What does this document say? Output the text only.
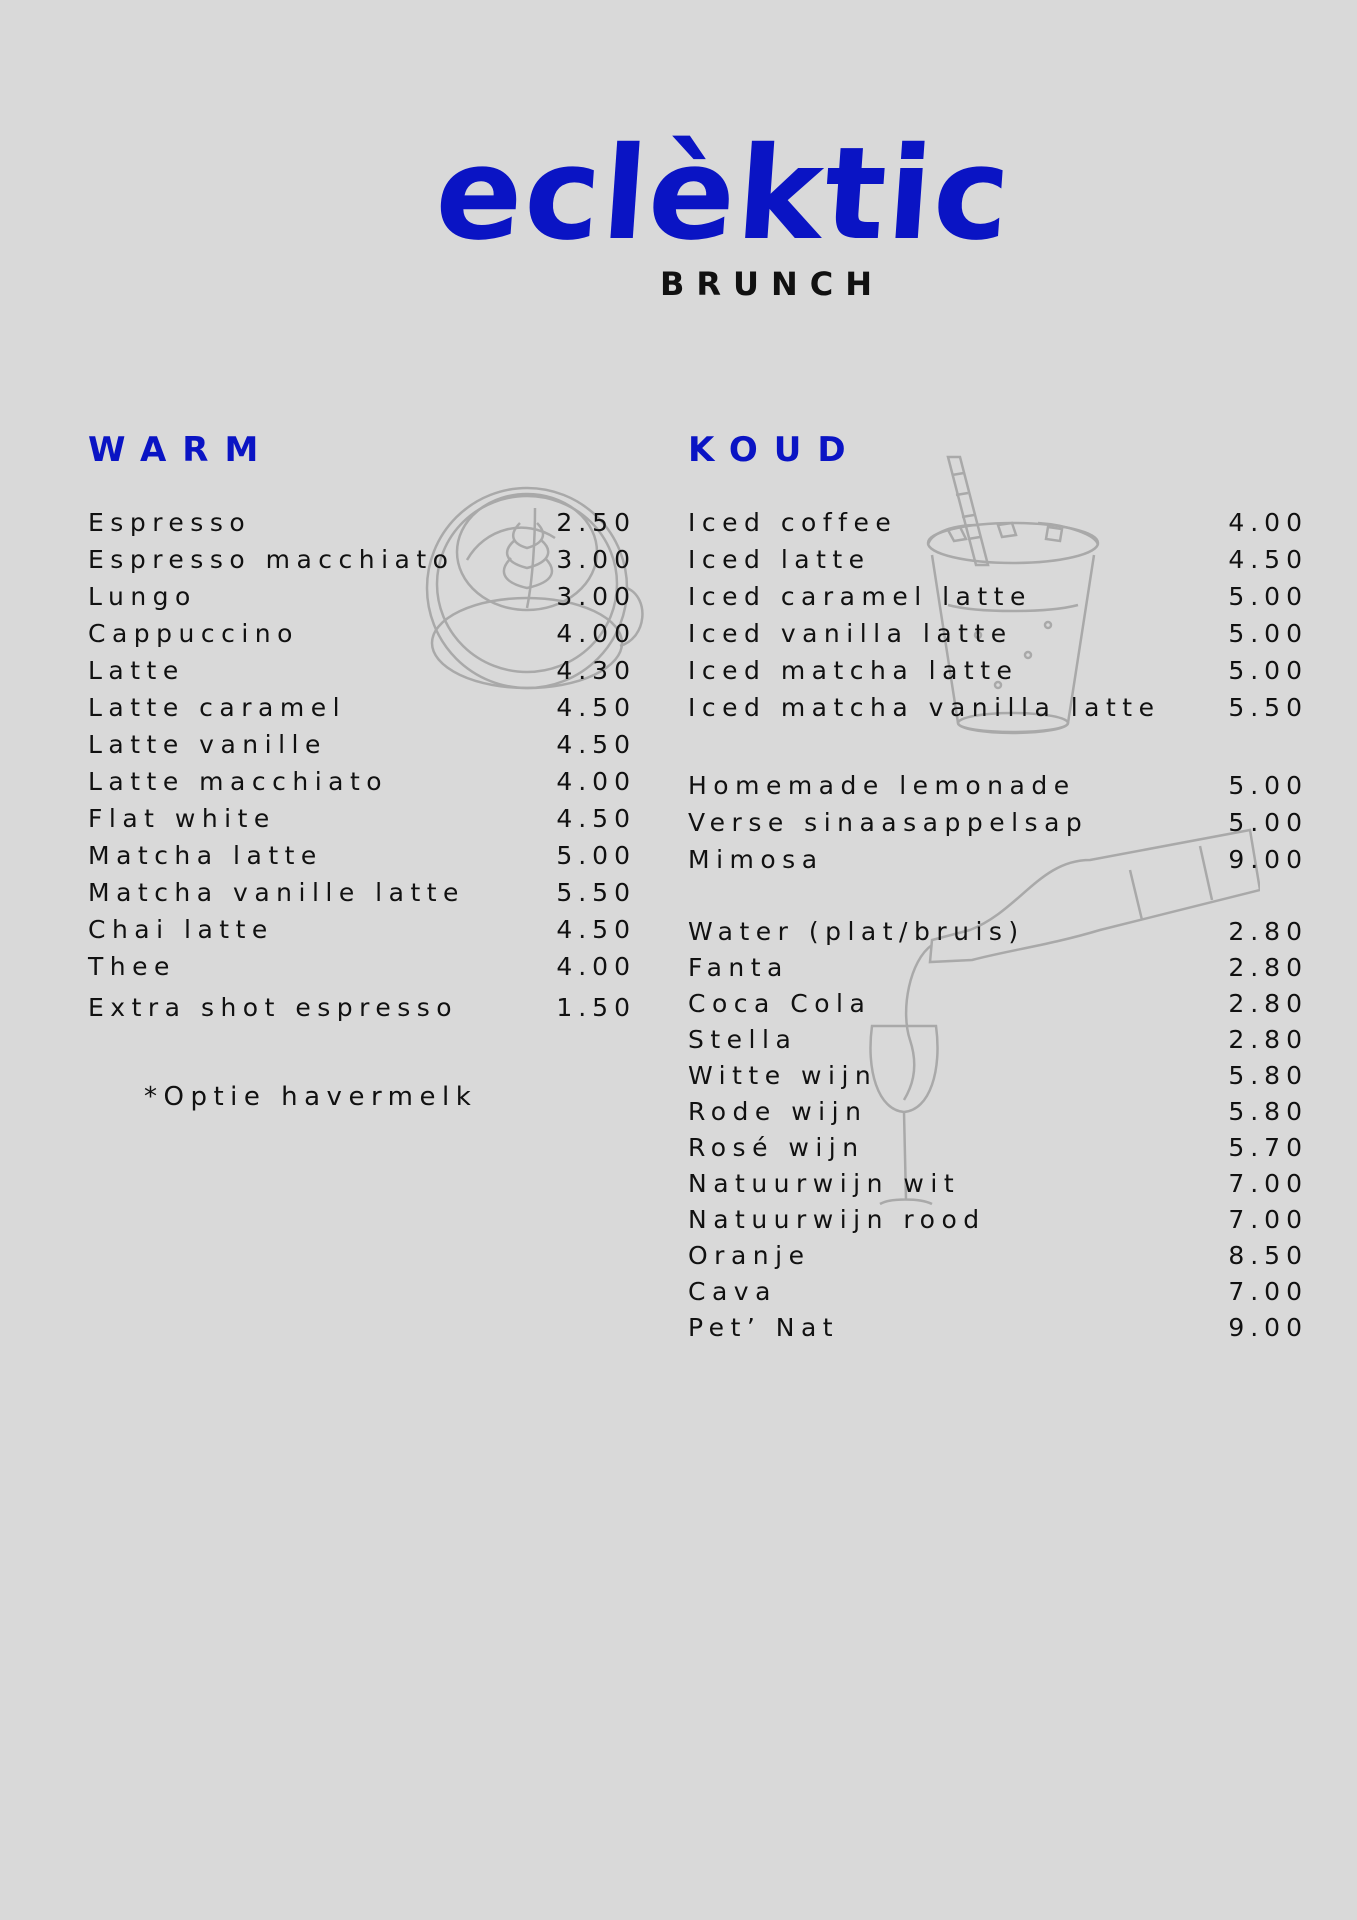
eclèktic

BRUNCH

WARM	KOUD
Espresso	2.50
Espresso macchiato	3.00
Lungo	3.00
Cappuccino	4.00
Latte	4.30
Latte caramel	4.50
Latte vanille	4.50
Latte macchiato	4.00
Flat white	4.50
Matcha latte	5.00
Matcha vanille latte	5.50
Chai latte	4.50
Thee	4.00
Extra shot espresso	1.50

*Optie havermelk

Iced coffee	4.00
Iced latte	4.50
Iced caramel latte	5.00
Iced vanilla latte	5.00
Iced matcha latte	5.00
Iced matcha vanilla latte	5.50
Homemade lemonade	5.00
Verse sinaasappelsap	5.00
Mimosa	9.00
Water (plat/bruis)	2.80
Fanta	2.80
Coca Cola	2.80
Stella	2.80
Witte wijn	5.80
Rode wijn	5.80
Rosé wijn	5.70
Natuurwijn wit	7.00
Natuurwijn rood	7.00
Oranje	8.50
Cava	7.00
Pet’ Nat	9.00
